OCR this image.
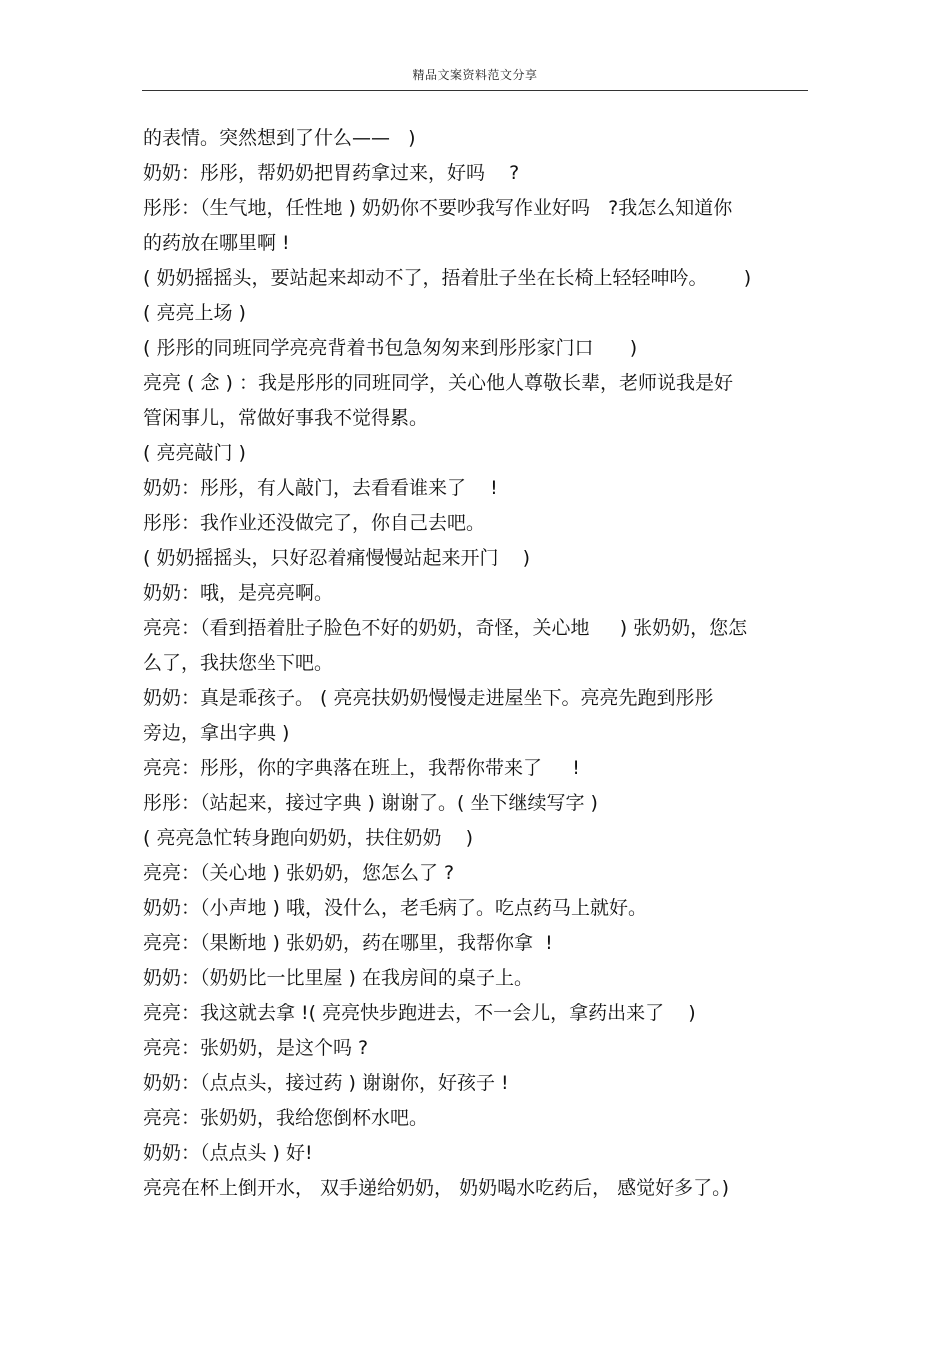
精品文案资料范文分享
的表情。突然想到了什么——   )
奶奶：彤彤，帮奶奶把胃药拿过来，好吗    ?
彤彤：（生气地，任性地 ) 奶奶你不要吵我写作业好吗   ?我怎么知道你
的药放在哪里啊 !
( 奶奶摇摇头，要站起来却动不了，捂着肚子坐在长椅上轻轻呻吟。      )
( 亮亮上场 )
( 彤彤的同班同学亮亮背着书包急匆匆来到彤彤家门口      )
亮亮 ( 念 ) ：我是彤彤的同班同学，关心他人尊敬长辈，老师说我是好
管闲事儿，常做好事我不觉得累。
( 亮亮敲门 )
奶奶：彤彤，有人敲门，去看看谁来了    !
彤彤：我作业还没做完了，你自己去吧。
( 奶奶摇摇头，只好忍着痛慢慢站起来开门    )
奶奶：哦，是亮亮啊。
亮亮：（看到捂着肚子脸色不好的奶奶，奇怪，关心地     ) 张奶奶，您怎
么了，我扶您坐下吧。
奶奶：真是乖孩子。 ( 亮亮扶奶奶慢慢走进屋坐下。亮亮先跑到彤彤
旁边，拿出字典 )
亮亮：彤彤，你的字典落在班上，我帮你带来了     !
彤彤：（站起来，接过字典 ) 谢谢了。( 坐下继续写字 )
( 亮亮急忙转身跑向奶奶，扶住奶奶    )
亮亮：（关心地 ) 张奶奶，您怎么了 ?
奶奶：（小声地 ) 哦，没什么，老毛病了。吃点药马上就好。
亮亮：（果断地 ) 张奶奶，药在哪里，我帮你拿  !
奶奶：（奶奶比一比里屋 ) 在我房间的桌子上。
亮亮：我这就去拿 !( 亮亮快步跑进去，不一会儿，拿药出来了    )
亮亮：张奶奶，是这个吗 ?
奶奶：（点点头，接过药 ) 谢谢你，好孩子 !
亮亮：张奶奶，我给您倒杯水吧。
奶奶：（点点头 ) 好!
亮亮在杯上倒开水， 双手递给奶奶， 奶奶喝水吃药后， 感觉好多了。)
